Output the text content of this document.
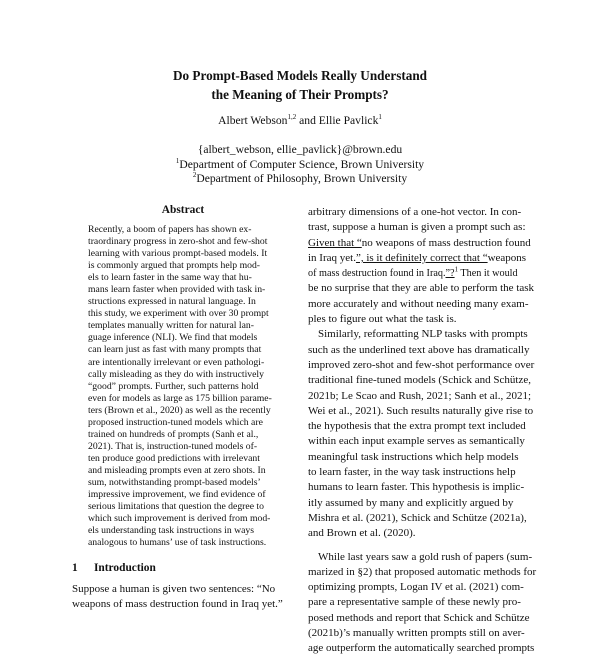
Do Prompt-Based Models Really Understand
the Meaning of Their Prompts?
Albert Webson$^{1,2}$ and Ellie Pavlick$^1$
{albert_webson, ellie_pavlick}@brown.edu
$^1$Department of Computer Science, Brown University
$^2$Department of Philosophy, Brown University
Abstract
Recently, a boom of papers has shown ex-
traordinary progress in zero-shot and few-shot
learning with various prompt-based models. It
is commonly argued that prompts help mod-
els to learn faster in the same way that hu-
mans learn faster when provided with task in-
structions expressed in natural language. In
this study, we experiment with over 30 prompt
templates manually written for natural lan-
guage inference (NLI). We find that models
can learn just as fast with many prompts that
are intentionally irrelevant or even pathologi-
cally misleading as they do with instructively
“good” prompts. Further, such patterns hold
even for models as large as 175 billion parame-
ters (Brown et al., 2020) as well as the recently
proposed instruction-tuned models which are
trained on hundreds of prompts (Sanh et al.,
2021). That is, instruction-tuned models of-
ten produce good predictions with irrelevant
and misleading prompts even at zero shots. In
sum, notwithstanding prompt-based models’
impressive improvement, we find evidence of
serious limitations that question the degree to
which such improvement is derived from mod-
els understanding task instructions in ways
analogous to humans’ use of task instructions.
1 Introduction
Suppose a human is given two sentences: “No
weapons of mass destruction found in Iraq yet.”
arbitrary dimensions of a one-hot vector. In con-
trast, suppose a human is given a prompt such as:
Given that “no weapons of mass destruction found
in Iraq yet.”, is it definitely correct that “weapons
of mass destruction found in Iraq.”?$^1$ Then it would
be no surprise that they are able to perform the task
more accurately and without needing many exam-
ples to figure out what the task is.
Similarly, reformatting NLP tasks with prompts
such as the underlined text above has dramatically
improved zero-shot and few-shot performance over
traditional fine-tuned models (Schick and Schütze,
2021b; Le Scao and Rush, 2021; Sanh et al., 2021;
Wei et al., 2021). Such results naturally give rise to
the hypothesis that the extra prompt text included
within each input example serves as semantically
meaningful task instructions which help models
to learn faster, in the way task instructions help
humans to learn faster. This hypothesis is implic-
itly assumed by many and explicitly argued by
Mishra et al. (2021), Schick and Schütze (2021a),
and Brown et al. (2020).
While last years saw a gold rush of papers (sum-
marized in §2) that proposed automatic methods for
optimizing prompts, Logan IV et al. (2021) com-
pare a representative sample of these newly pro-
posed methods and report that Schick and Schütze
(2021b)’s manually written prompts still on aver-
age outperform the automatically searched prompts
